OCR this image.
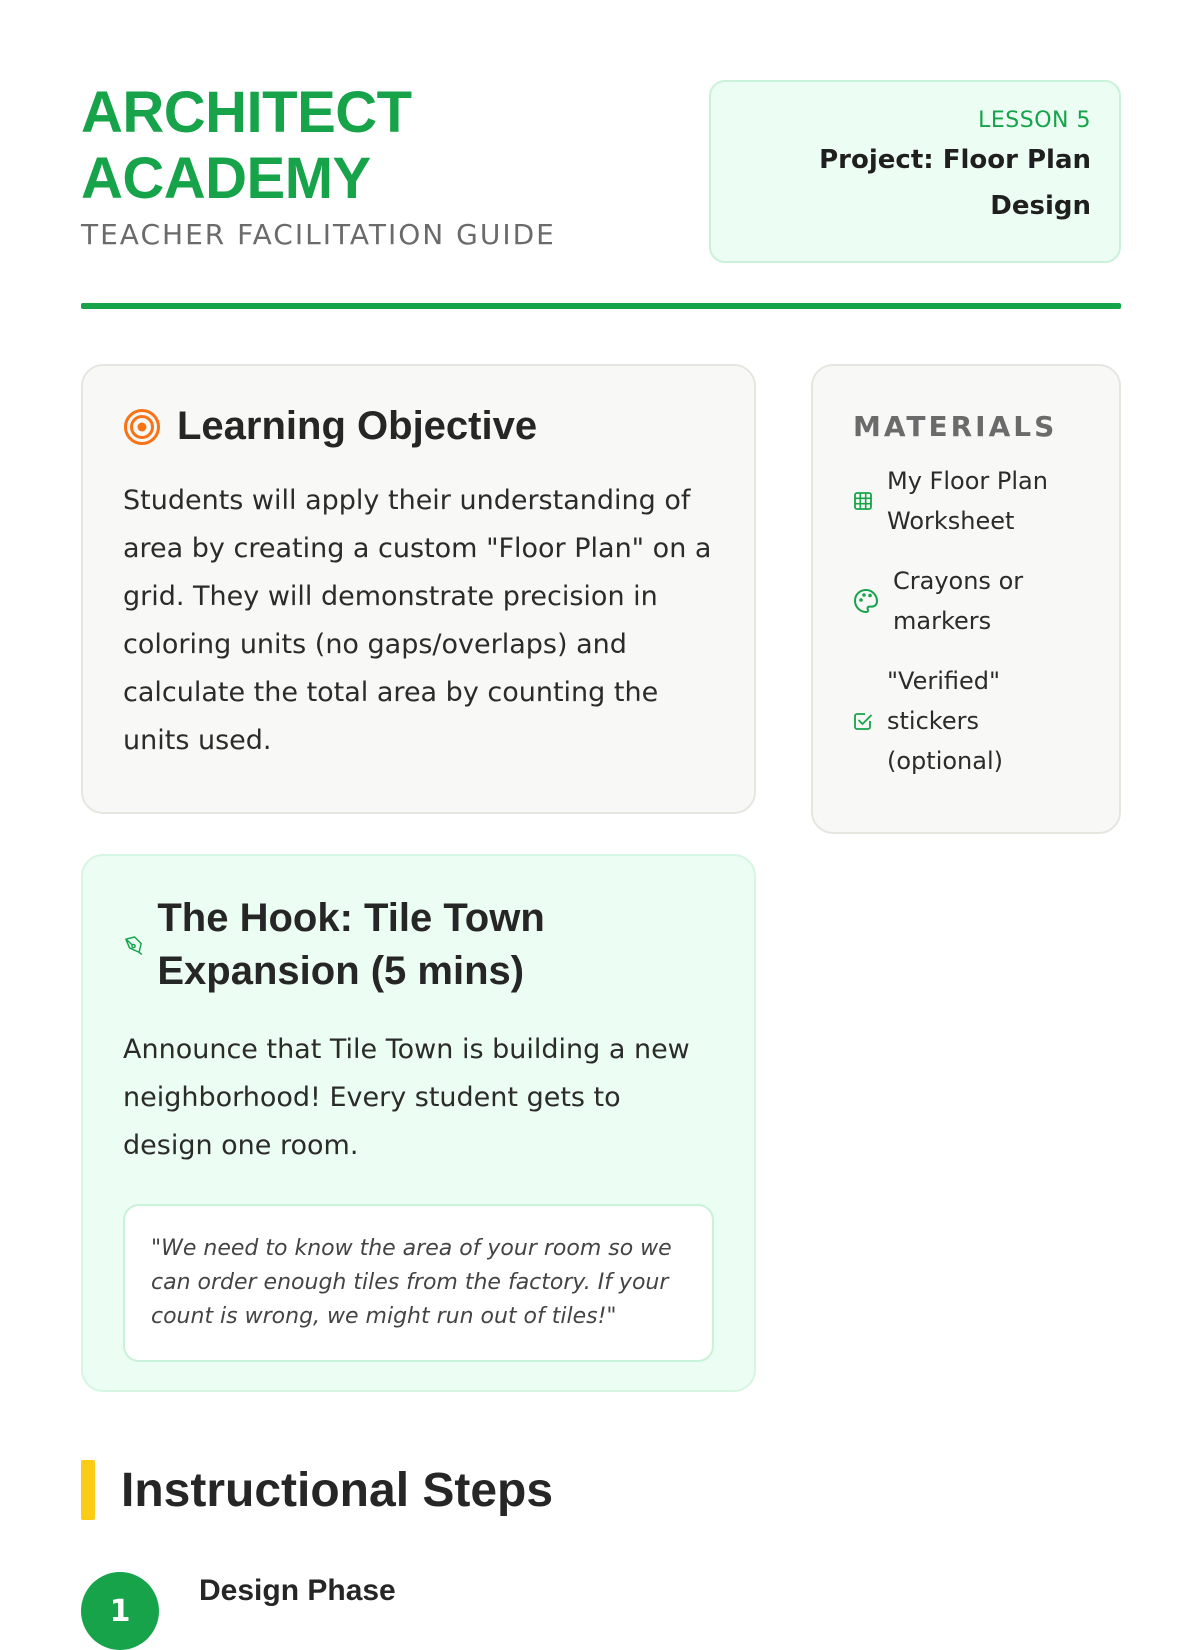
ARCHITECT
ACADEMY
TEACHER FACILITATION GUIDE
LESSON 5
Project: Floor Plan
Design
Learning Objective
Students will apply their understanding of area by creating a custom "Floor Plan" on a grid. They will demonstrate precision in coloring units (no gaps/overlaps) and calculate the total area by counting the units used.
MATERIALS
My Floor Plan Worksheet
Crayons or markers
"Verified" stickers (optional)
The Hook: Tile Town Expansion (5 mins)
Announce that Tile Town is building a new neighborhood! Every student gets to design one room.
"We need to know the area of your room so we can order enough tiles from the factory. If your count is wrong, we might run out of tiles!"
Instructional Steps
1
Design Phase
